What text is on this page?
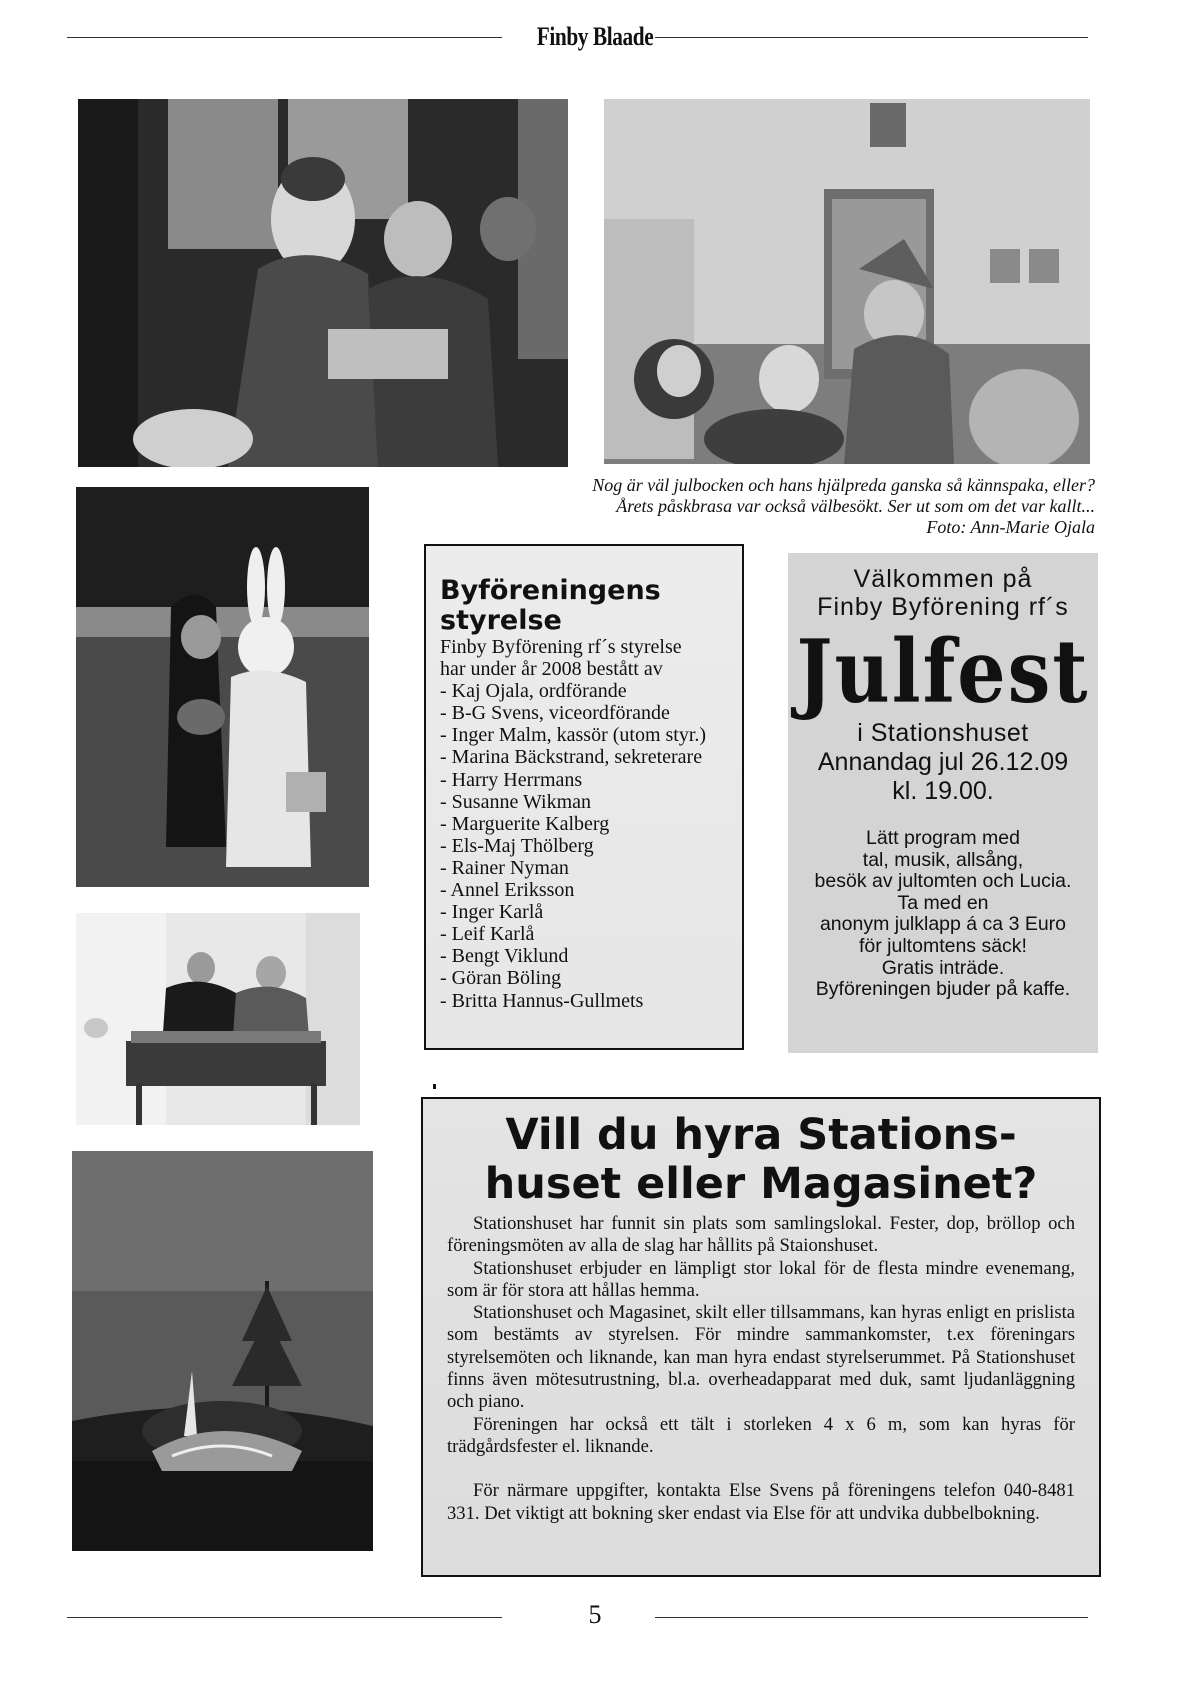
Finby Blaade
Nog är väl julbocken och hans hjälpreda ganska så kännspaka, eller?
Årets påskbrasa var också välbesökt. Ser ut som om det var kallt...
Foto: Ann-Marie Ojala
Byföreningens styrelse
Finby Byförening rf´s styrelse
har under år 2008 bestått av
- Kaj Ojala, ordförande
- B-G Svens, viceordförande
- Inger Malm, kassör (utom styr.)
- Marina Bäckstrand, sekreterare
- Harry Herrmans
- Susanne Wikman
- Marguerite Kalberg
- Els-Maj Thölberg
- Rainer Nyman
- Annel Eriksson
- Inger Karlå
- Leif Karlå
- Bengt Viklund
- Göran Böling
- Britta Hannus-Gullmets
Välkommen på
Finby Byförening rf´s
Julfest
i Stationshuset
Annandag jul 26.12.09
kl. 19.00.
Lätt program med
tal, musik, allsång,
besök av jultomten och Lucia.
Ta med en
anonym julklapp á ca 3 Euro
för jultomtens säck!
Gratis inträde.
Byföreningen bjuder på kaffe.
Vill du hyra Stations-
huset eller Magasinet?

Stationshuset har funnit sin plats som samlingslokal. Fester, dop, bröllop och föreningsmöten av alla de slag har hållits på Staionshuset.

Stationshuset erbjuder en lämpligt stor lokal för de flesta mindre evenemang, som är för stora att hållas hemma.

Stationshuset och Magasinet, skilt eller tillsammans, kan hyras enligt en prislista som bestämts av styrelsen. För mindre sammankomster, t.ex föreningars styrelsemöten och liknande, kan man hyra endast styrelserummet. På Stationshuset finns även mötesutrustning, bl.a. overheadapparat med duk, samt ljudanläggning och piano.

Föreningen har också ett tält i storleken 4 x 6 m, som kan hyras för trädgårdsfester el. liknande.

För närmare uppgifter, kontakta Else Svens på föreningens telefon 040-8481 331. Det viktigt att bokning sker endast via Else för att undvika dubbelbokning.

5
